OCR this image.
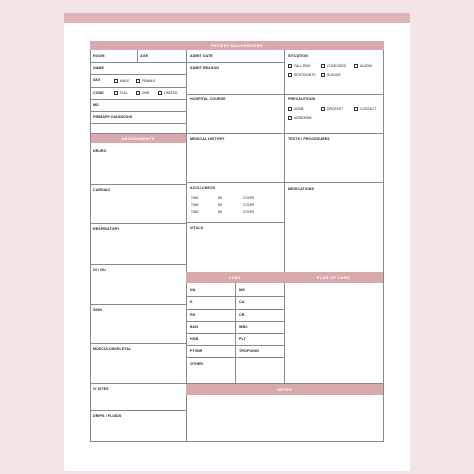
PATIENT BACKGROUND
ROOM	AGE
NAME
SEX	MALE	FEMALE
CODE	FULL	DNR	LIMITED
MD
PRIMARY DIAGNOSIS
ADMIT DATE
ADMIT REASON
HOSPITAL COURSE
SITUATION
FALL RISK	CONFUSED	ALARM
RESTRAINTS	SUICIDE
PRECAUTIONS
NONE	DROPLET	CONTACT
AIRBORNE
ASSESSMENTS	MEDICAL HISTORY	TESTS / PROCEDURES
NEURO
CARDIAC
RESPIRATORY
GI / GU
SKIN
MUSCULOSKELETAL
IV SITES
DRIPS / FLUIDS
ACCU-CHECK
TIME	BS	COVER
TIME	BS	COVER
TIME	BS	COVER
VITALS
MEDICATIONS
LABS	PLAN OF CARE
NA	MG
K	CA
PH	CR
BUN	WBC
HGB	PLT
PT/INR	TROPONIN
OTHER
NOTES
